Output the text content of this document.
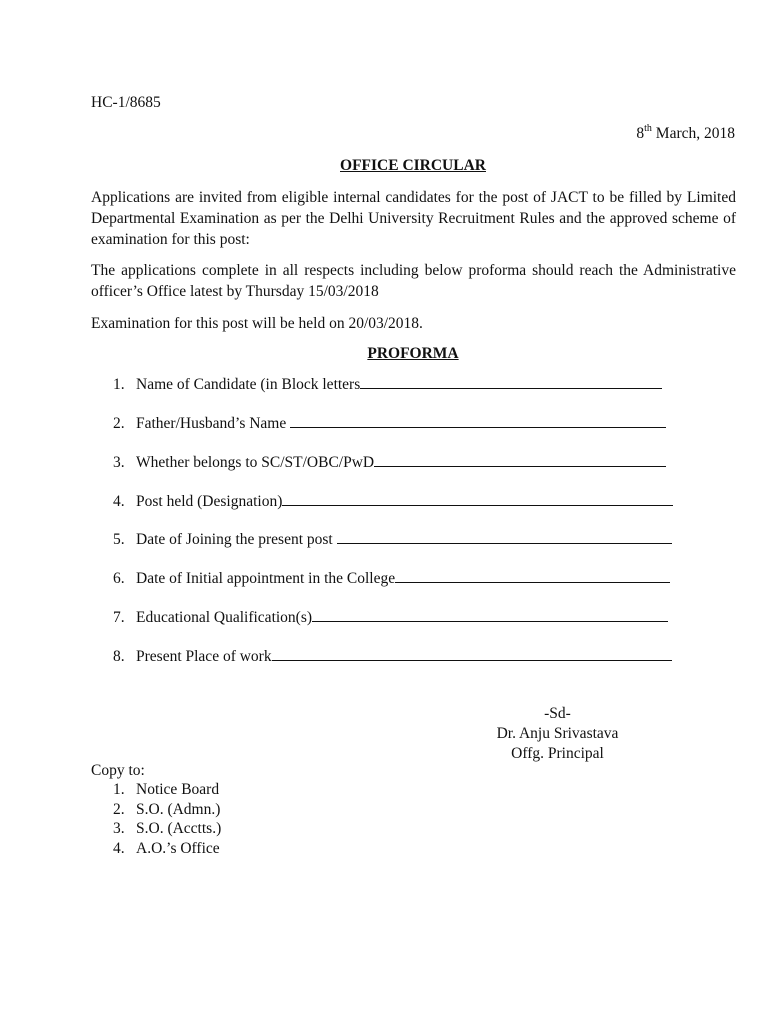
HC-1/8685
8th March, 2018
OFFICE CIRCULAR
Applications are invited from eligible internal candidates for the post of JACT to be filled by Limited Departmental Examination as per the Delhi University Recruitment Rules and the approved scheme of examination for this post:
The applications complete in all respects including below proforma should reach the Administrative officer’s Office latest by Thursday 15/03/2018
Examination for this post will be held on 20/03/2018.
PROFORMA
1. Name of Candidate (in Block letters
2. Father/Husband’s Name
3. Whether belongs to SC/ST/OBC/PwD
4. Post held (Designation)
5. Date of Joining the present post
6. Date of Initial appointment in the College
7. Educational Qualification(s)
8. Present Place of work
-Sd-
Dr. Anju Srivastava
Offg. Principal
Copy to:
1. Notice Board
2. S.O. (Admn.)
3. S.O. (Acctts.)
4. A.O.’s Office
